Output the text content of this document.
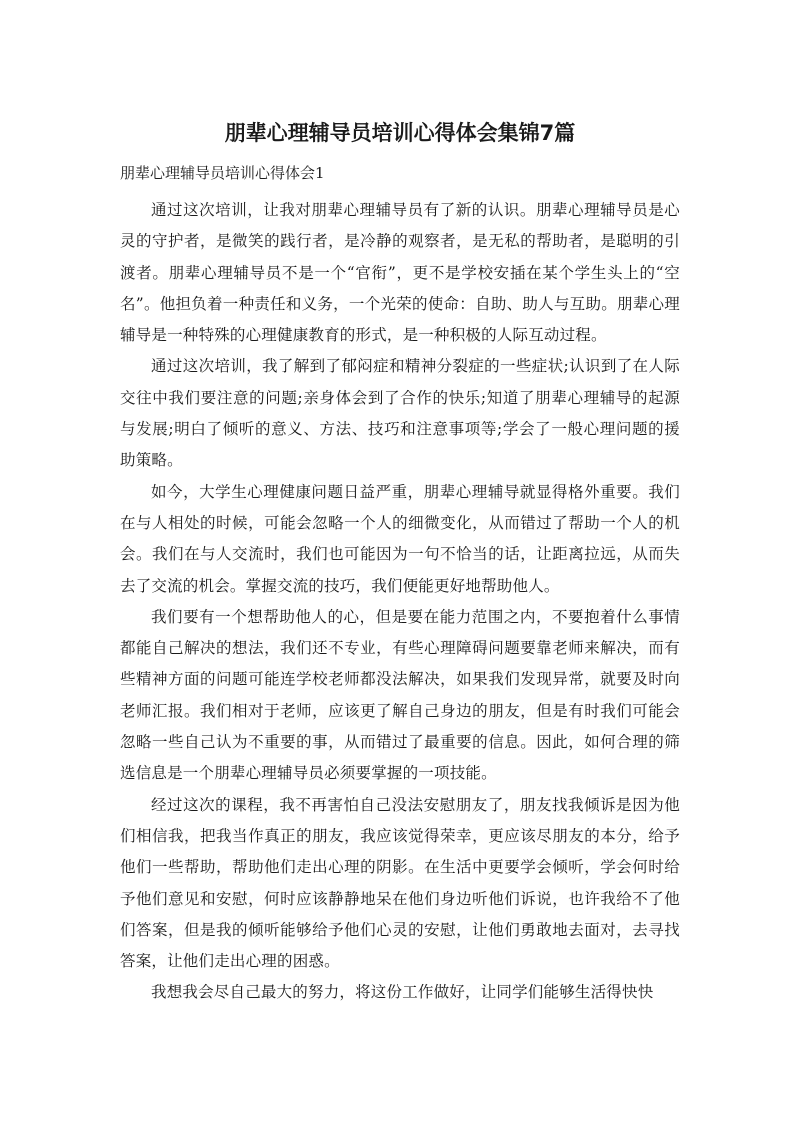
朋辈心理辅导员培训心得体会集锦7篇
朋辈心理辅导员培训心得体会1

通过这次培训，让我对朋辈心理辅导员有了新的认识。朋辈心理辅导员是心灵的守护者，是微笑的践行者，是冷静的观察者，是无私的帮助者，是聪明的引渡者。朋辈心理辅导员不是一个“官衔”，更不是学校安插在某个学生头上的“空名”。他担负着一种责任和义务，一个光荣的使命：自助、助人与互助。朋辈心理辅导是一种特殊的心理健康教育的形式，是一种积极的人际互动过程。

通过这次培训，我了解到了郁闷症和精神分裂症的一些症状;认识到了在人际交往中我们要注意的问题;亲身体会到了合作的快乐;知道了朋辈心理辅导的起源与发展;明白了倾听的意义、方法、技巧和注意事项等;学会了一般心理问题的援助策略。

如今，大学生心理健康问题日益严重，朋辈心理辅导就显得格外重要。我们在与人相处的时候，可能会忽略一个人的细微变化，从而错过了帮助一个人的机会。我们在与人交流时，我们也可能因为一句不恰当的话，让距离拉远，从而失去了交流的机会。掌握交流的技巧，我们便能更好地帮助他人。

我们要有一个想帮助他人的心，但是要在能力范围之内，不要抱着什么事情都能自己解决的想法，我们还不专业，有些心理障碍问题要靠老师来解决，而有些精神方面的问题可能连学校老师都没法解决，如果我们发现异常，就要及时向老师汇报。我们相对于老师，应该更了解自己身边的朋友，但是有时我们可能会忽略一些自己认为不重要的事，从而错过了最重要的信息。因此，如何合理的筛选信息是一个朋辈心理辅导员必须要掌握的一项技能。

经过这次的课程，我不再害怕自己没法安慰朋友了，朋友找我倾诉是因为他们相信我，把我当作真正的朋友，我应该觉得荣幸，更应该尽朋友的本分，给予他们一些帮助，帮助他们走出心理的阴影。在生活中更要学会倾听，学会何时给予他们意见和安慰，何时应该静静地呆在他们身边听他们诉说，也许我给不了他们答案，但是我的倾听能够给予他们心灵的安慰，让他们勇敢地去面对，去寻找答案，让他们走出心理的困惑。

我想我会尽自己最大的努力，将这份工作做好，让同学们能够生活得快快
